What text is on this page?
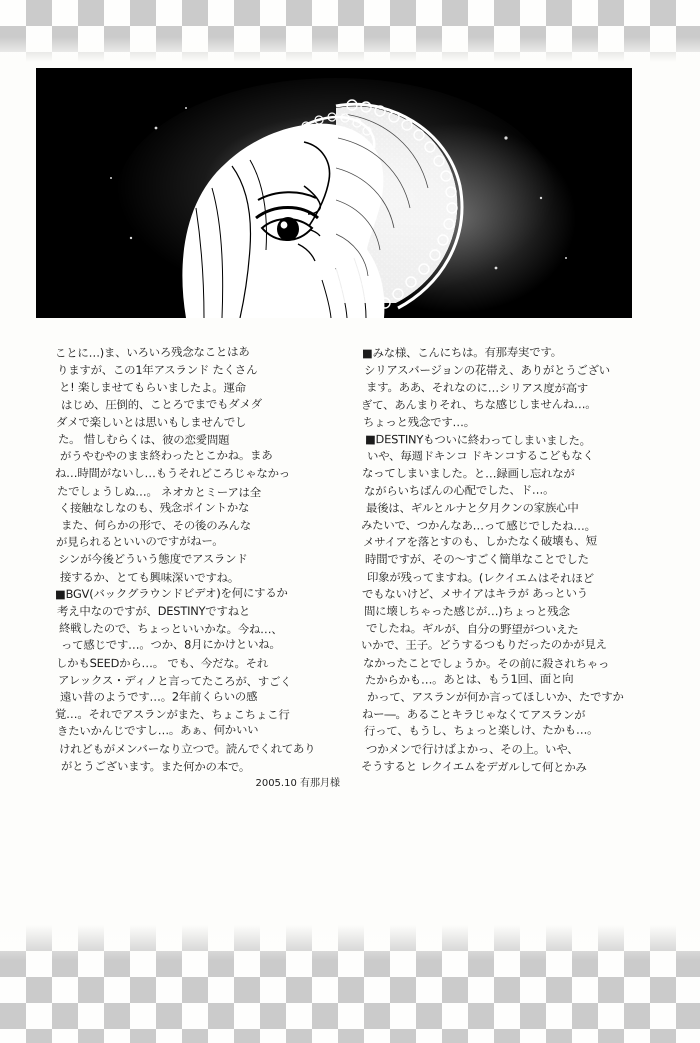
ことに…)ま、いろいろ残念なことはあ
りますが、この1年アスランド たくさん
と! 楽しませてもらいましたよ。運命
はじめ、圧倒的、ことろでまでもダメダ
ダメで楽しいとは思いもしませんでし
た。 惜しむらくは、彼の恋愛問題
がうやむやのまま終わったとこかね。まあ
ね…時間がないし…もうそれどころじゃなかっ
たでしょうしぬ…。 ネオカとミーアは全
く接触なしなのも、残念ポイントかな
また、何らかの形で、その後のみんな
が見られるといいのですがねー。
シンが今後どういう態度でアスランド
接するか、とても興味深いですね。
■BGV(バックグラウンドビデオ)を何にするか
考え中なのですが、DESTINYですねと
終戦したので、ちょっといいかな。今ね…、
って感じです…。つか、8月にかけといね。
しかもSEEDから…。 でも、今だな。それ
アレックス・ディノと言ってたころが、すごく
遠い昔のようです…。2年前くらいの感
覚…。それでアスランがまた、ちょこちょこ行
きたいかんじですし…。あぁ、何かいい
けれどもがメンバーなり立つで。読んでくれてあり
がとうございます。また何かの本で。
2005.10 有那月様
■みな様、こんにちは。有那寿実です。
シリアスバージョンの花帯え、ありがとうござい
ます。ああ、それなのに…シリアス度が高す
ぎて、あんまりそれ、ちな感じしませんね…。
ちょっと残念です…。
■DESTINYもついに終わってしまいました。
いや、毎週ドキンコ ドキンコするこどもなく
なってしまいました。と…録画し忘れなが
ながらいちばんの心配でした、ド…。
最後は、ギルとルナと夕月クンの家族心中
みたいで、つかんなあ…って感じでしたね…。
メサイアを落とすのも、しかたなく破壊も、短
時間ですが、その〜すごく簡単なことでした
印象が残ってますね。(レクイエムはそれほど
でもないけど、メサイアはキラが あっという
間に壊しちゃった感じが…)ちょっと残念
でしたね。ギルが、自分の野望がついえた
いかで、王子。どうするつもりだったのかが見え
なかったことでしょうか。その前に殺されちゃっ
たからかも…。あとは、もう1回、面と向
かって、アスランが何か言ってほしいか、たですか
ねー―。あることキラじゃなくてアスランが
行って、もうし、ちょっと楽しけ、たかも…。
つかメンで行けばよかっ、その上。いや、
そうすると レクイエムをデガルして何とかみ
